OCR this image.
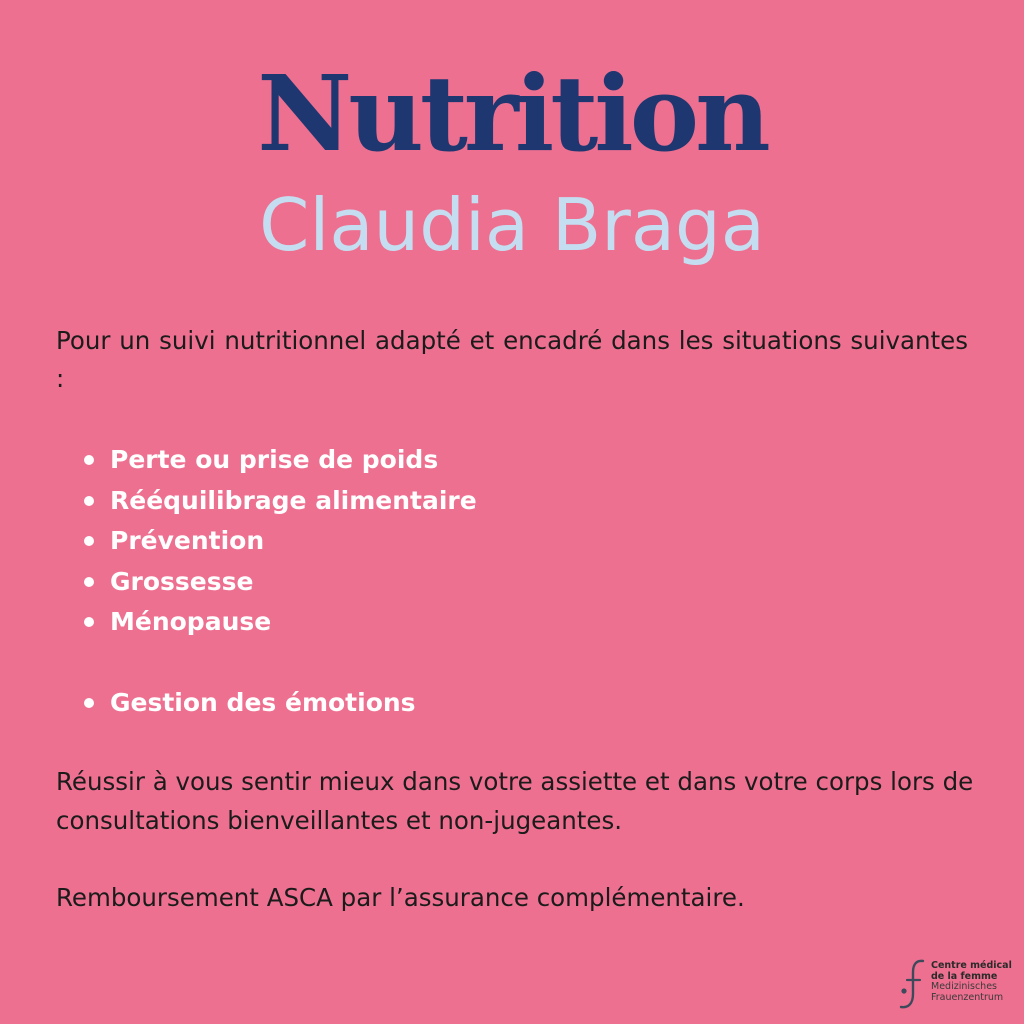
Nutrition
Claudia Braga

Pour un suivi nutritionnel adapté et encadré dans les situations suivantes :

Perte ou prise de poids
Rééquilibrage alimentaire
Prévention
Grossesse
Ménopause
Gestion des émotions

Réussir à vous sentir mieux dans votre assiette et dans votre corps lors de consultations bienveillantes et non-jugeantes.

Remboursement ASCA par l’assurance complémentaire.

Centre médical
de la femme
Medizinisches
Frauenzentrum
